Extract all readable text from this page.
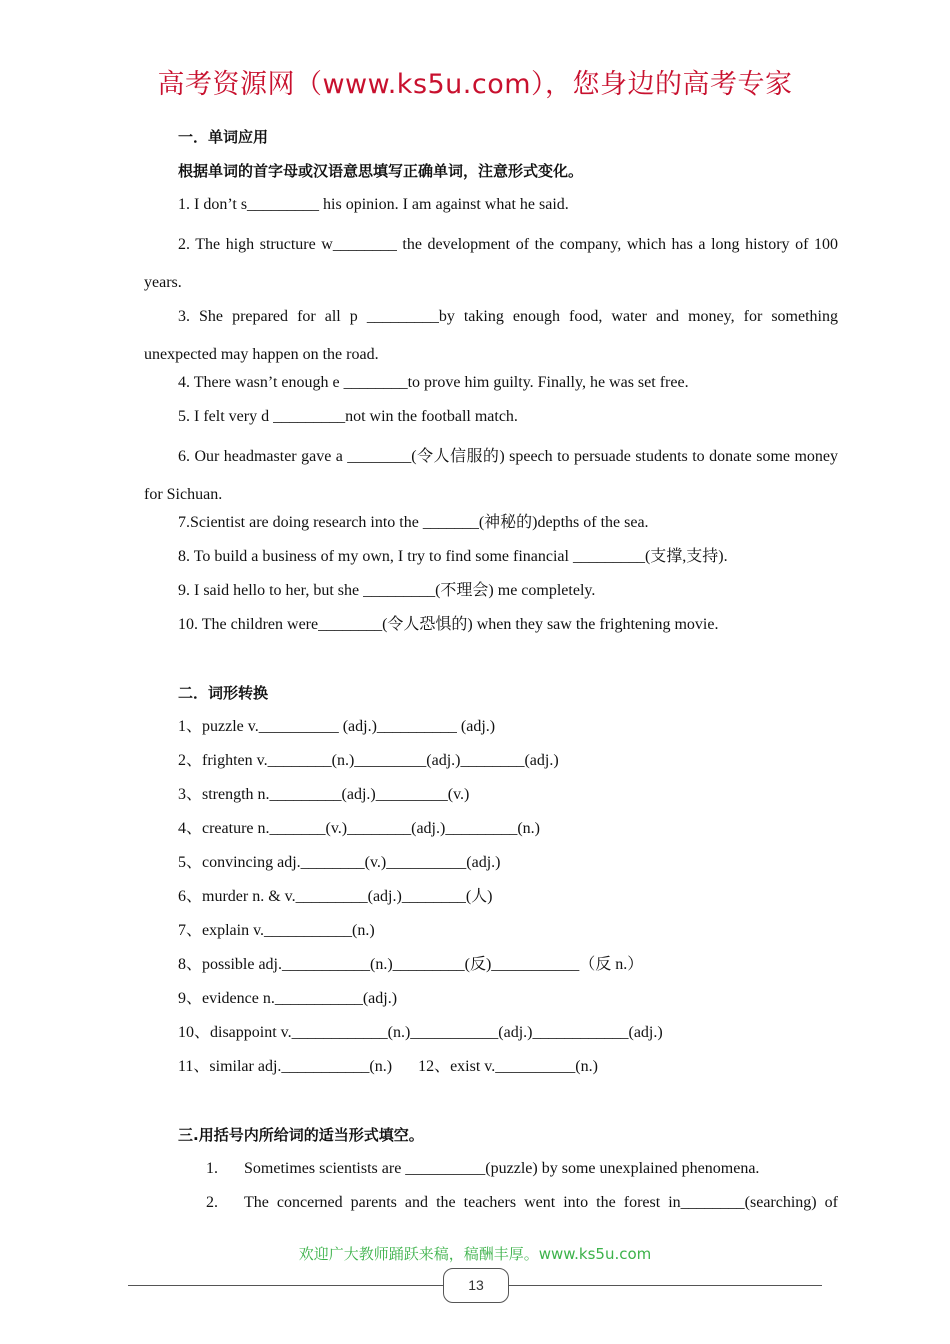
高考资源网（www.ks5u.com），您身边的高考专家
一．单词应用
根据单词的首字母或汉语意思填写正确单词，注意形式变化。
1. I don’t s_________ his opinion. I am against what he said.
2. The high structure w________ the development of the company, which has a long history of 100 years.
3. She prepared for all p _________by taking enough food, water and money, for something unexpected may happen on the road.
4. There wasn’t enough e ________to prove him guilty. Finally, he was set free.
5. I felt very d _________not win the football match.
6. Our headmaster gave a ________(令人信服的) speech to persuade students to donate some money for Sichuan.
7.Scientist are doing research into the _______(神秘的)depths of the sea.
8. To build a business of my own, I try to find some financial _________(支撑,支持).
9. I said hello to her, but she _________(不理会) me completely.
10. The children were________(令人恐惧的) when they saw the frightening movie.
二．词形转换
1、puzzle v.__________ (adj.)__________ (adj.)
2、frighten v.________(n.)_________(adj.)________(adj.)
3、strength n._________(adj.)_________(v.)
4、creature n._______(v.)________(adj.)_________(n.)
5、convincing adj.________(v.)__________(adj.)
6、murder n. & v._________(adj.)________(人)
7、explain v.___________(n.)
8、possible adj.___________(n.)_________(反)___________（反 n.）
9、evidence n.___________(adj.)
10、disappoint v.____________(n.)___________(adj.)____________(adj.)
11、similar adj.___________(n.) 12、exist v.__________(n.)
三.用括号内所给词的适当形式填空。
1. Sometimes scientists are __________(puzzle) by some unexplained phenomena.
2. The concerned parents and the teachers went into the forest in________(searching) of
欢迎广大教师踊跃来稿，稿酬丰厚。www.ks5u.com
13
